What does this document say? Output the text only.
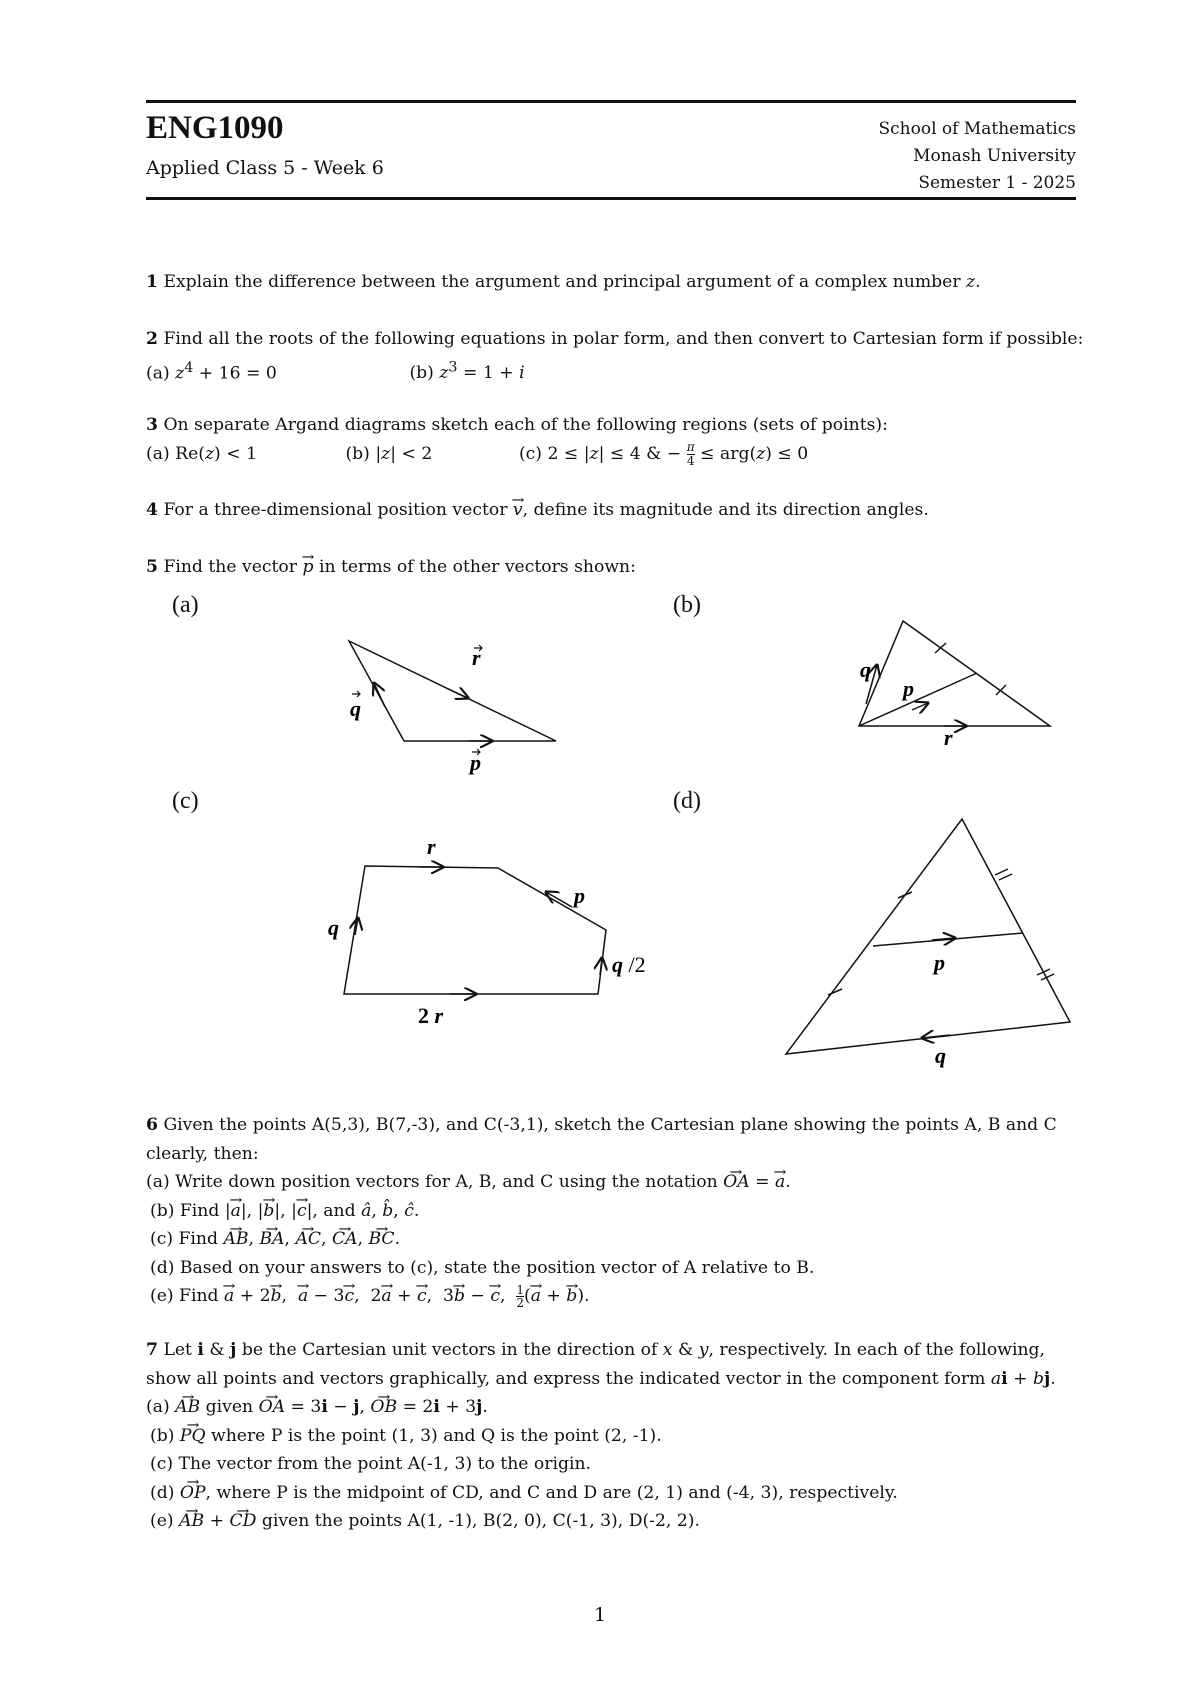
ENG1090
Applied Class 5 - Week 6
School of Mathematics
Monash University
Semester 1 - 2025
1 Explain the difference between the argument and principal argument of a complex number z.
2 Find all the roots of the following equations in polar form, and then convert to Cartesian form if possible:
(a) $z^4 + 16 = 0$	(b) $z^3 = 1 + i$
3 On separate Argand diagrams sketch each of the following regions (sets of points):
(a) Re(z) < 1	(b) |z| < 2	(c) 2 ≤ |z| ≤ 4 & − $\frac{\pi}{4} \le arg(z) \le 0$
4 For a three-dimensional position vector v →, define its magnitude and its direction angles.
5 Find the vector p → in terms of the other vectors shown:
(a)	(b)
(c)	(d)
r
q
p
q
p
r
r
p
q
q /2
2 r
p
q
6 Given the points A(5,3), B(7,-3), and C(-3,1), sketch the Cartesian plane showing the points A, B and C clearly, then:
(a) Write down position vectors for A, B, and C using the notation OA → = a →.
(b) Find |a →|, |b →|, |c →|, and â, b̂, ĉ.
(c) Find AB →, BA →, AC →, CA →, BC →.
(d) Based on your answers to (c), state the position vector of A relative to B.
(e) Find a → + 2b →,  a → − 3c →,  2a → + c →,  3b → − c →, $\frac{1}{2} (a$ → + b →).
7 Let i & j be the Cartesian unit vectors in the direction of x & y, respectively. In each of the following, show all points and vectors graphically, and express the indicated vector in the component form ai + bj.
(a) AB → given OA → = 3i − j, OB → = 2i + 3j.
(b) PQ → where P is the point (1, 3) and Q is the point (2, -1).
(c) The vector from the point A(-1, 3) to the origin.
(d) OP →, where P is the midpoint of CD, and C and D are (2, 1) and (-4, 3), respectively.
(e) AB → + CD → given the points A(1, -1), B(2, 0), C(-1, 3), D(-2, 2).
1
